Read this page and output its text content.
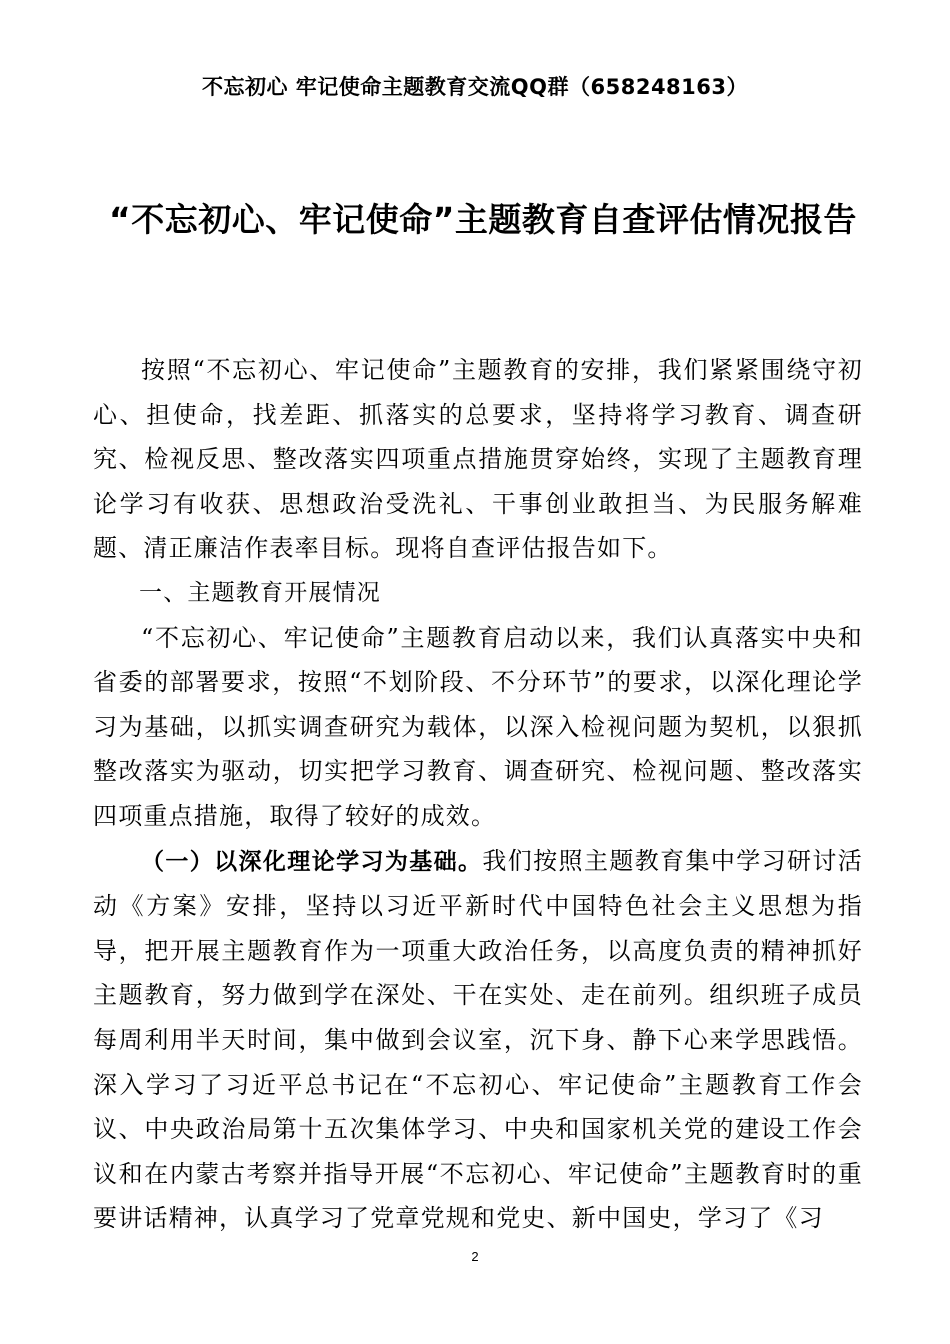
不忘初心 牢记使命主题教育交流QQ群（658248163）
“不忘初心、牢记使命”主题教育自查评估情况报告

按照“不忘初心、牢记使命”主题教育的安排，我们紧紧围绕守初心、担使命，找差距、抓落实的总要求，坚持将学习教育、调查研究、检视反思、整改落实四项重点措施贯穿始终，实现了主题教育理论学习有收获、思想政治受洗礼、干事创业敢担当、为民服务解难题、清正廉洁作表率目标。现将自查评估报告如下。

一、主题教育开展情况

“不忘初心、牢记使命”主题教育启动以来，我们认真落实中央和省委的部署要求，按照“不划阶段、不分环节”的要求，以深化理论学习为基础，以抓实调查研究为载体，以深入检视问题为契机，以狠抓整改落实为驱动，切实把学习教育、调查研究、检视问题、整改落实四项重点措施，取得了较好的成效。

（一）以深化理论学习为基础。我们按照主题教育集中学习研讨活动《方案》安排，坚持以习近平新时代中国特色社会主义思想为指导，把开展主题教育作为一项重大政治任务，以高度负责的精神抓好主题教育，努力做到学在深处、干在实处、走在前列。组织班子成员每周利用半天时间，集中做到会议室，沉下身、静下心来学思践悟。深入学习了习近平总书记在“不忘初心、牢记使命”主题教育工作会议、中央政治局第十五次集体学习、中央和国家机关党的建设工作会议和在内蒙古考察并指导开展“不忘初心、牢记使命”主题教育时的重要讲话精神，认真学习了党章党规和党史、新中国史，学习了《习

2
